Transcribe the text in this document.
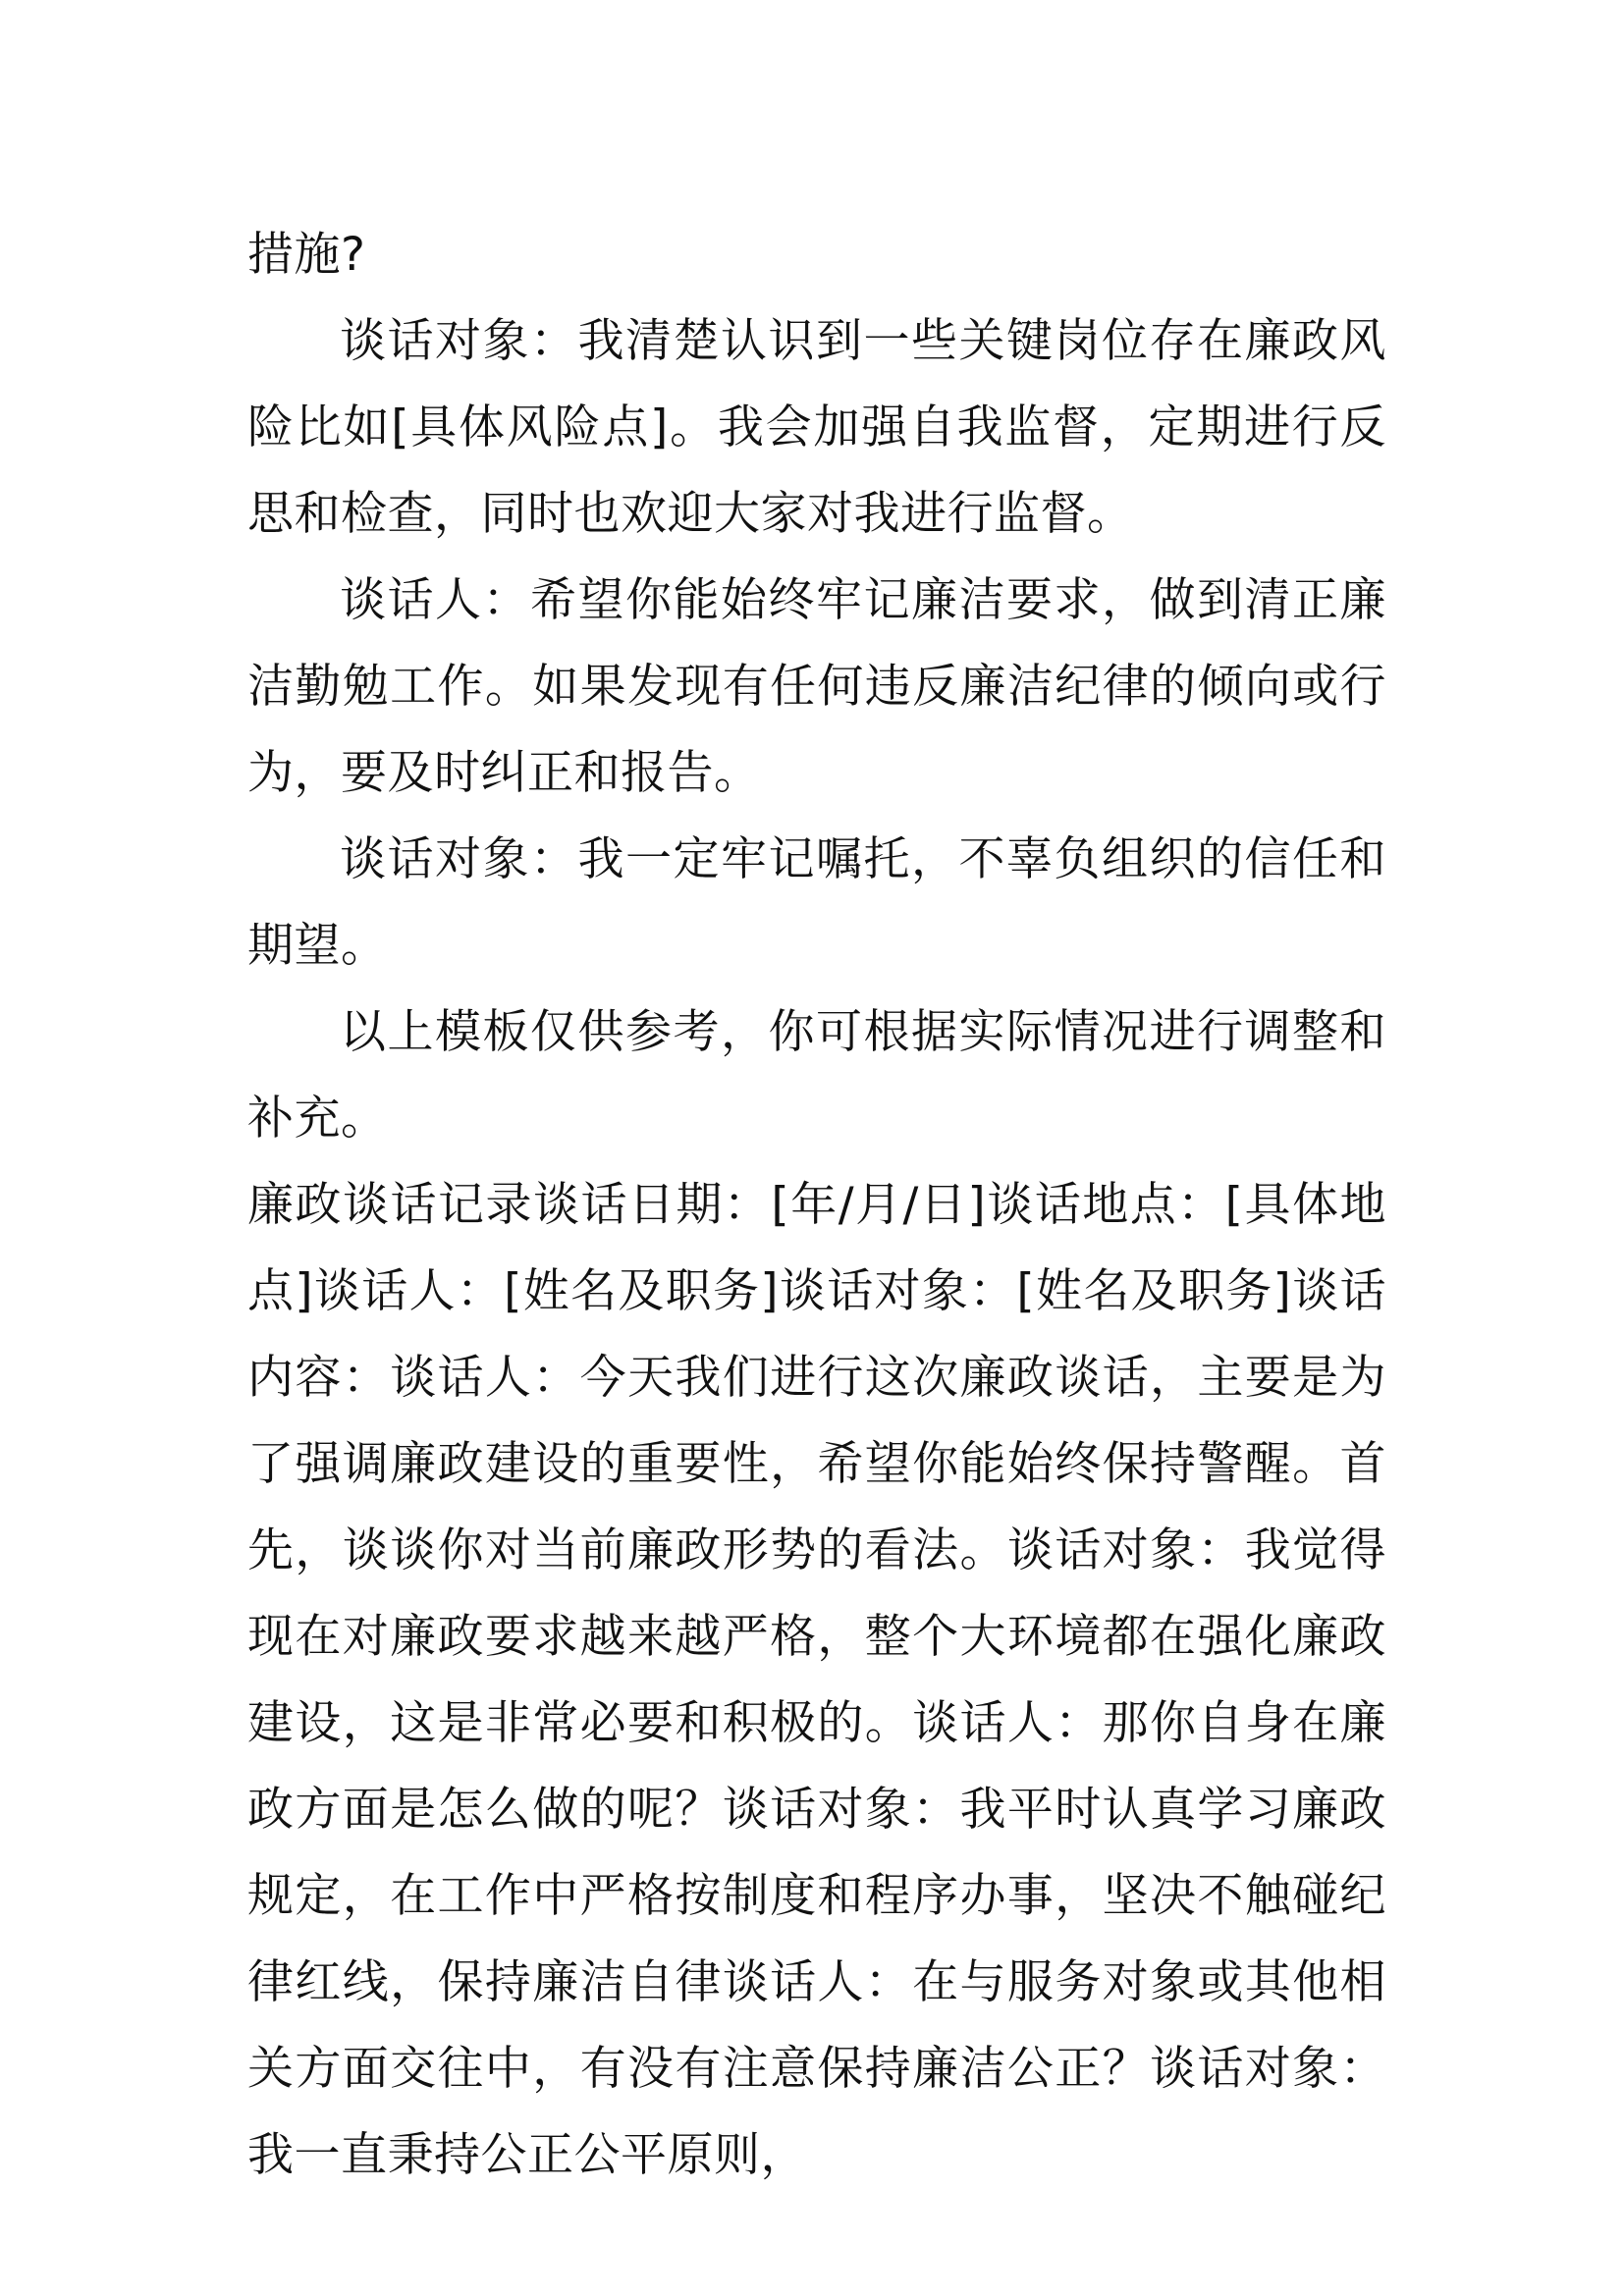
措施?

谈话对象：我清楚认识到一些关键岗位存在廉政风险比如[具体风险点]。我会加强自我监督，定期进行反思和检查，同时也欢迎大家对我进行监督。

谈话人：希望你能始终牢记廉洁要求，做到清正廉洁勤勉工作。如果发现有任何违反廉洁纪律的倾向或行为，要及时纠正和报告。

谈话对象：我一定牢记嘱托，不辜负组织的信任和期望。

以上模板仅供参考，你可根据实际情况进行调整和补充。

廉政谈话记录谈话日期：[年/月/日]谈话地点：[具体地点]谈话人：[姓名及职务]谈话对象：[姓名及职务]谈话内容：谈话人：今天我们进行这次廉政谈话，主要是为了强调廉政建设的重要性，希望你能始终保持警醒。首先，谈谈你对当前廉政形势的看法。谈话对象：我觉得现在对廉政要求越来越严格，整个大环境都在强化廉政建设，这是非常必要和积极的。谈话人：那你自身在廉政方面是怎么做的呢？谈话对象：我平时认真学习廉政规定，在工作中严格按制度和程序办事，坚决不触碰纪律红线，保持廉洁自律谈话人：在与服务对象或其他相关方面交往中，有没有注意保持廉洁公正？谈话对象：我一直秉持公正公平原则，
